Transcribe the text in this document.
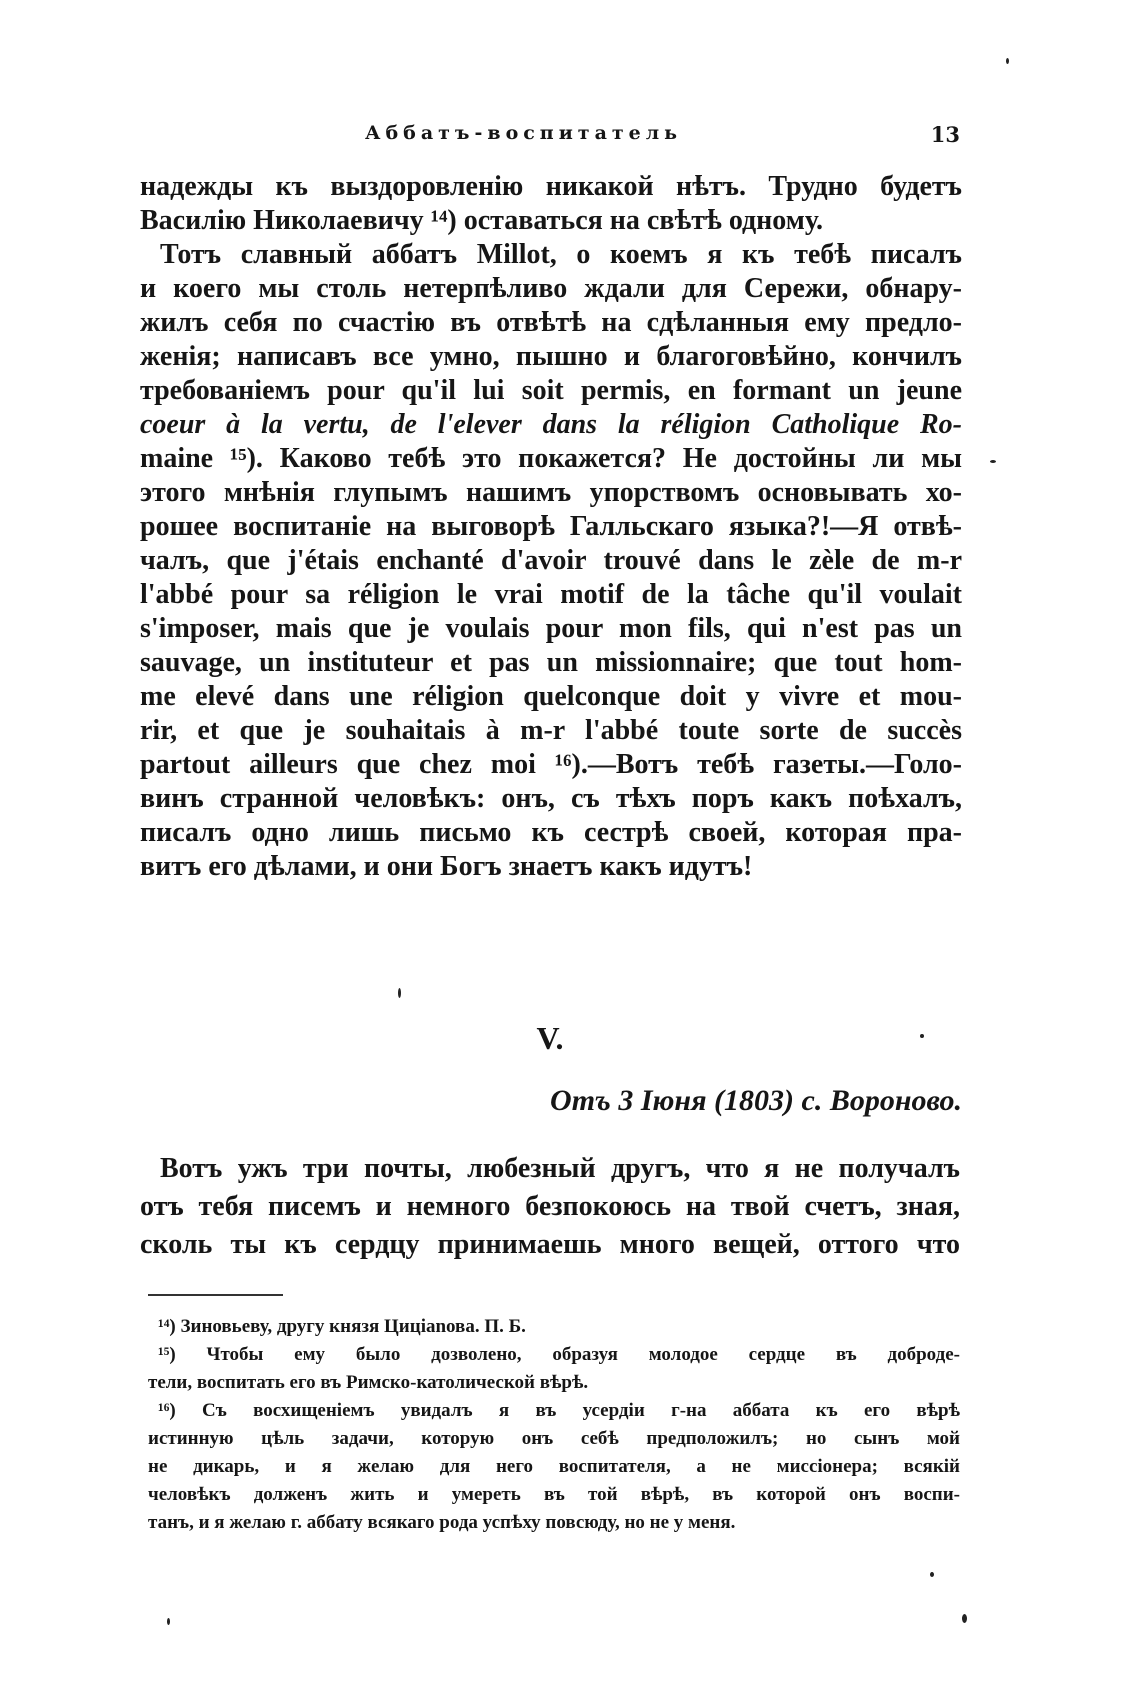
Аббатъ-воспитатель	13

надежды къ выздоровленію никакой нѣтъ. Трудно будетъ

Василію Николаевичу ¹⁴) оставаться на свѣтѣ одному.

Тотъ славный аббатъ Millot, о коемъ я къ тебѣ писалъ

и коего мы столь нетерпѣливо ждали для Сережи, обнару-

жилъ себя по счастію въ отвѣтѣ на сдѣланныя ему предло-

женія; написавъ все умно, пышно и благоговѣйно, кончилъ

требованіемъ pour qu'il lui soit permis, en formant un jeune

coeur à la vertu, de l'elever dans la réligion Catholique Ro-

maine ¹⁵). Каково тебѣ это покажется? Не достойны ли мы

этого мнѣнія глупымъ нашимъ упорствомъ основывать хо-

рошее воспитаніе на выговорѣ Галльскаго языка?!—Я отвѣ-

чалъ, que j'étais enchanté d'avoir trouvé dans le zèle de m-r

l'abbé pour sa réligion le vrai motif de la tâche qu'il voulait

s'imposer, mais que je voulais pour mon fils, qui n'est pas un

sauvage, un instituteur et pas un missionnaire; que tout hom-

me elevé dans une réligion quelconque doit y vivre et mou-

rir, et que je souhaitais à m-r l'abbé toute sorte de succès

partout ailleurs que chez moi ¹⁶).—Вотъ тебѣ газеты.—Голо-

винъ странной человѣкъ: онъ, съ тѣхъ поръ какъ поѣхалъ,

писалъ одно лишь письмо къ сестрѣ своей, которая пра-

витъ его дѣлами, и они Богъ знаетъ какъ идутъ!

V.
Отъ 3 Іюня (1803) с. Вороново.

Вотъ ужъ три почты, любезный другъ, что я не получалъ

отъ тебя писемъ и немного безпокоюсь на твой счетъ, зная,

сколь ты къ сердцу принимаешь много вещей, оттого что

¹⁴) Зиновьеву, другу князя Цицianова. П. Б.

¹⁵) Чтобы ему было дозволено, образуя молодое сердце въ доброде-

тели, воспитать его въ Римско-католической вѣрѣ.

¹⁶) Съ восхищеніемъ увидалъ я въ усердіи г-на аббата къ его вѣрѣ

истинную цѣль задачи, которую онъ себѣ предположилъ; но сынъ мой

не дикарь, и я желаю для него воспитателя, а не миссіонера; всякій

человѣкъ долженъ жить и умереть въ той вѣрѣ, въ которой онъ воспи-

танъ, и я желаю г. аббату всякаго рода успѣху повсюду, но не у меня.
